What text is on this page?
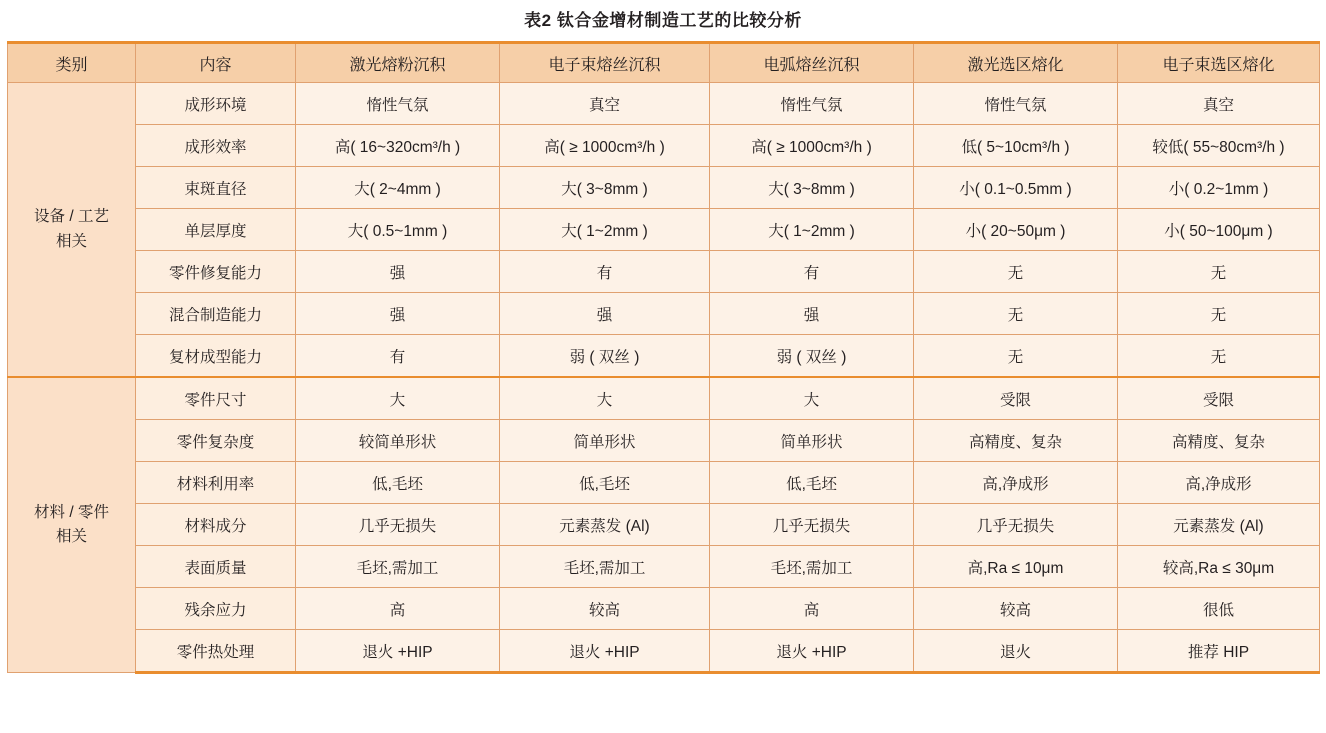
表2 钛合金增材制造工艺的比较分析
类别	内容	激光熔粉沉积	电子束熔丝沉积	电弧熔丝沉积	激光选区熔化	电子束选区熔化

设备 / 工艺
相关	成形环境	惰性气氛	真空	惰性气氛	惰性气氛	真空
	成形效率	高( 16~320cm³/h )	高( ≥ 1000cm³/h )	高( ≥ 1000cm³/h )	低( 5~10cm³/h )	较低( 55~80cm³/h )
	束斑直径	大( 2~4mm )	大( 3~8mm )	大( 3~8mm )	小( 0.1~0.5mm )	小( 0.2~1mm )
	单层厚度	大( 0.5~1mm )	大( 1~2mm )	大( 1~2mm )	小( 20~50μm )	小( 50~100μm )
	零件修复能力	强	有	有	无	无
	混合制造能力	强	强	强	无	无
	复材成型能力	有	弱 ( 双丝 )	弱 ( 双丝 )	无	无

材料 / 零件
相关	零件尺寸	大	大	大	受限	受限
	零件复杂度	较简单形状	简单形状	简单形状	高精度、复杂	高精度、复杂
	材料利用率	低,毛坯	低,毛坯	低,毛坯	高,净成形	高,净成形
	材料成分	几乎无损失	元素蒸发 (Al)	几乎无损失	几乎无损失	元素蒸发 (Al)
	表面质量	毛坯,需加工	毛坯,需加工	毛坯,需加工	高,Ra ≤ 10μm	较高,Ra ≤ 30μm
	残余应力	高	较高	高	较高	很低
	零件热处理	退火 +HIP	退火 +HIP	退火 +HIP	退火	推荐 HIP
